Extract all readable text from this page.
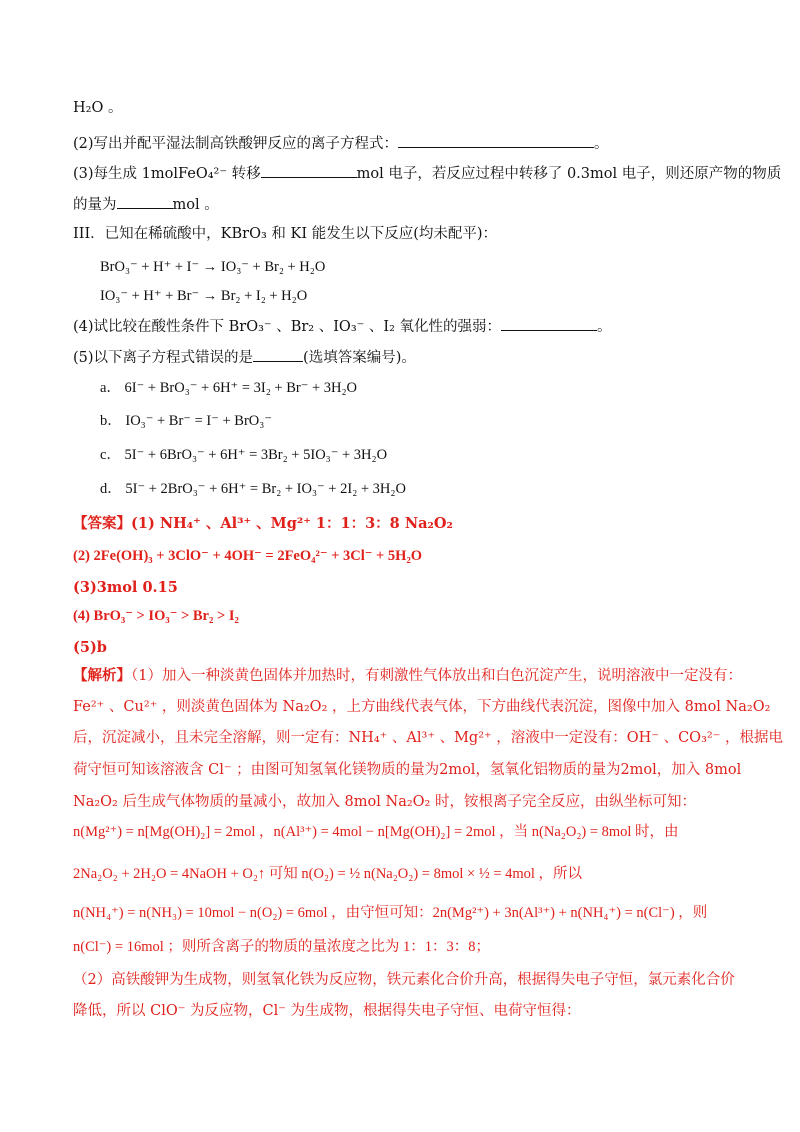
H₂O 。
(2)写出并配平湿法制高铁酸钾反应的离子方程式：	。
(3)每生成 1molFeO₄²⁻ 转移	mol 电子，若反应过程中转移了 0.3mol 电子，则还原产物的物质
的量为	mol 。
III．已知在稀硫酸中，KBrO₃ 和 KI 能发生以下反应(均未配平)：
BrO₃⁻ + H⁺ + I⁻ → IO₃⁻ + Br₂ + H₂O
IO₃⁻ + H⁺ + Br⁻ → Br₂ + I₂ + H₂O
(4)试比较在酸性条件下 BrO₃⁻ 、Br₂ 、IO₃⁻ 、I₂ 氧化性的强弱：	。
(5)以下离子方程式错误的是	(选填答案编号)。
a． 6I⁻ + BrO₃⁻ + 6H⁺ = 3I₂ + Br⁻ + 3H₂O
b． IO₃⁻ + Br⁻ = I⁻ + BrO₃⁻
c． 5I⁻ + 6BrO₃⁻ + 6H⁺ = 3Br₂ + 5IO₃⁻ + 3H₂O
d． 5I⁻ + 2BrO₃⁻ + 6H⁺ = Br₂ + IO₃⁻ + 2I₂ + 3H₂O
【答案】(1) NH₄⁺ 、Al³⁺ 、Mg²⁺ 1：1：3：8 Na₂O₂
(2) 2Fe(OH)₃ + 3ClO⁻ + 4OH⁻ = 2FeO₄²⁻ + 3Cl⁻ + 5H₂O
(3)3mol 0.15
(4) BrO₃⁻ > IO₃⁻ > Br₂ > I₂
(5)b
【解析】（1）加入一种淡黄色固体并加热时，有刺激性气体放出和白色沉淀产生，说明溶液中一定没有：
Fe²⁺ 、Cu²⁺ ，则淡黄色固体为 Na₂O₂ ，上方曲线代表气体，下方曲线代表沉淀，图像中加入 8mol Na₂O₂
后，沉淀减小，且未完全溶解，则一定有：NH₄⁺ 、Al³⁺ 、Mg²⁺ ，溶液中一定没有：OH⁻ 、CO₃²⁻ ，根据电
荷守恒可知该溶液含 Cl⁻ ；由图可知氢氧化镁物质的量为2mol，氢氧化铝物质的量为2mol，加入 8mol
Na₂O₂ 后生成气体物质的量减小，故加入 8mol Na₂O₂ 时，铵根离子完全反应，由纵坐标可知：
n(Mg²⁺) = n[Mg(OH)₂] = 2mol ，n(Al³⁺) = 4mol − n[Mg(OH)₂] = 2mol ，当 n(Na₂O₂) = 8mol 时，由
2Na₂O₂ + 2H₂O = 4NaOH + O₂↑ 可知 n(O₂) = ½ n(Na₂O₂) = 8mol × ½ = 4mol ，所以
n(NH₄⁺) = n(NH₃) = 10mol − n(O₂) = 6mol ，由守恒可知：2n(Mg²⁺) + 3n(Al³⁺) + n(NH₄⁺) = n(Cl⁻) ，则
n(Cl⁻) = 16mol ；则所含离子的物质的量浓度之比为 1：1：3：8；
（2）高铁酸钾为生成物，则氢氧化铁为反应物，铁元素化合价升高，根据得失电子守恒，氯元素化合价
降低，所以 ClO⁻ 为反应物，Cl⁻ 为生成物，根据得失电子守恒、电荷守恒得：
